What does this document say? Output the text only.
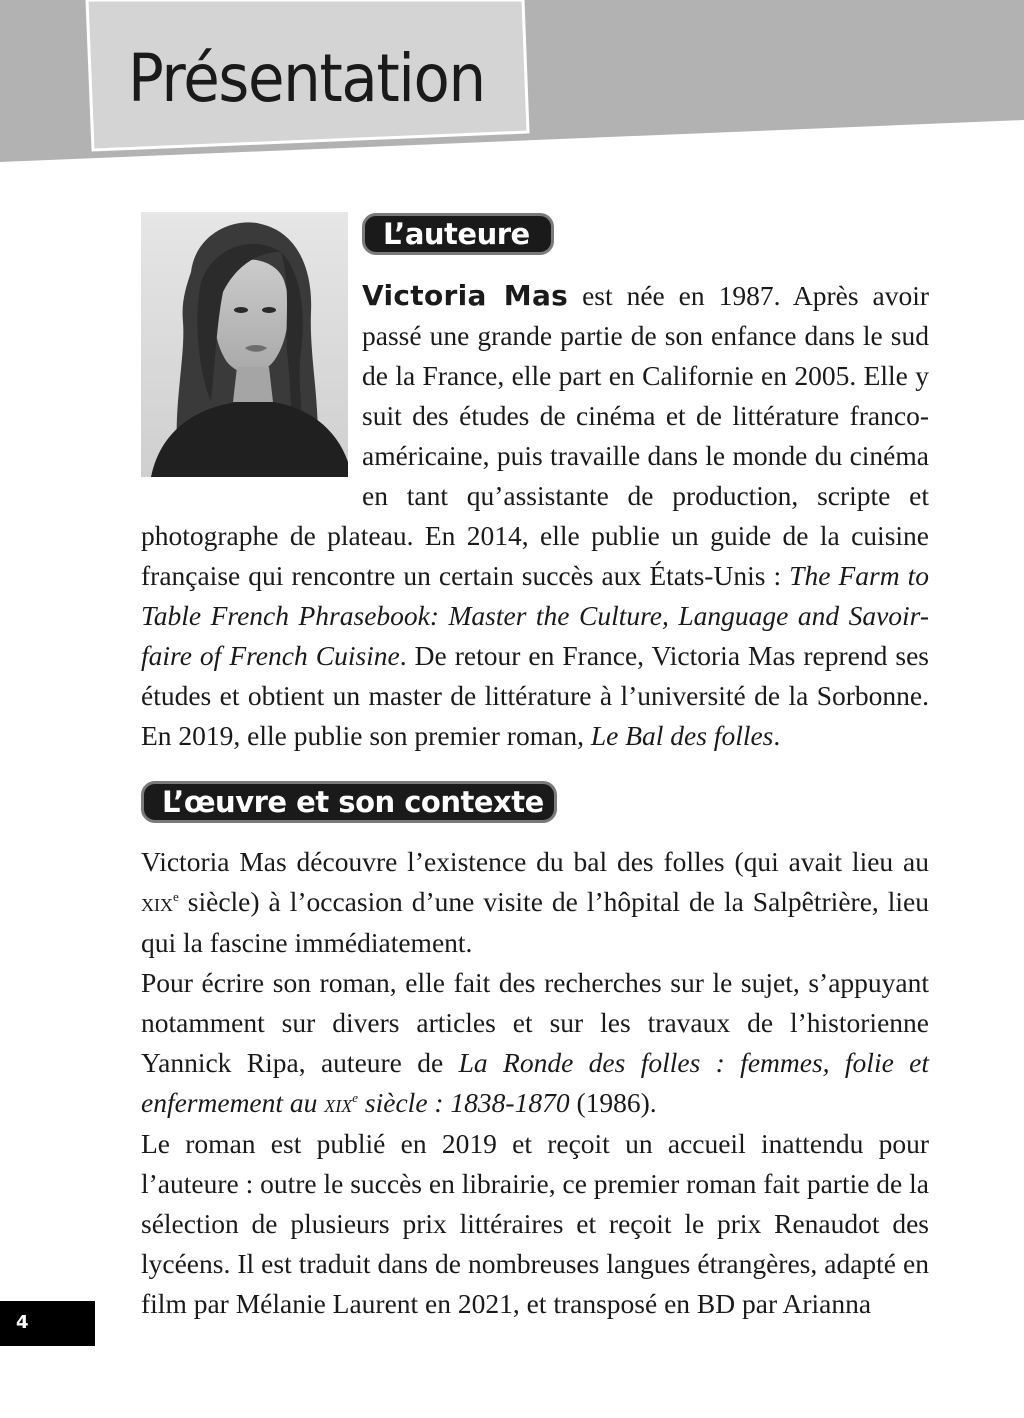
Présentation
L’auteure
Victoria Mas est née en 1987. Après avoir passé une grande partie de son enfance dans le sud de la France, elle part en Californie en 2005. Elle y suit des études de cinéma et de littérature franco-américaine, puis travaille dans le monde du cinéma en tant qu’assistante de production, scripte et photographe de plateau. En 2014, elle publie un guide de la cuisine française qui rencontre un certain succès aux États-Unis : The Farm to Table French Phrasebook: Master the Culture, Language and Savoir-faire of French Cuisine. De retour en France, Victoria Mas reprend ses études et obtient un master de littérature à l’université de la Sorbonne. En 2019, elle publie son premier roman, Le Bal des folles.
L’œuvre et son contexte

Victoria Mas découvre l’existence du bal des folles (qui avait lieu au xix$^e$ siècle) à l’occasion d’une visite de l’hôpital de la Salpêtrière, lieu qui la fascine immédiatement.

Pour écrire son roman, elle fait des recherches sur le sujet, s’appuyant notamment sur divers articles et sur les travaux de l’historienne Yannick Ripa, auteure de La Ronde des folles : femmes, folie et enfermement au xix$^e$ siècle : 1838-1870 (1986).

Le roman est publié en 2019 et reçoit un accueil inattendu pour l’auteure : outre le succès en librairie, ce premier roman fait partie de la sélection de plusieurs prix littéraires et reçoit le prix Renaudot des lycéens. Il est traduit dans de nombreuses langues étrangères, adapté en film par Mélanie Laurent en 2021, et transposé en BD par Arianna

4
